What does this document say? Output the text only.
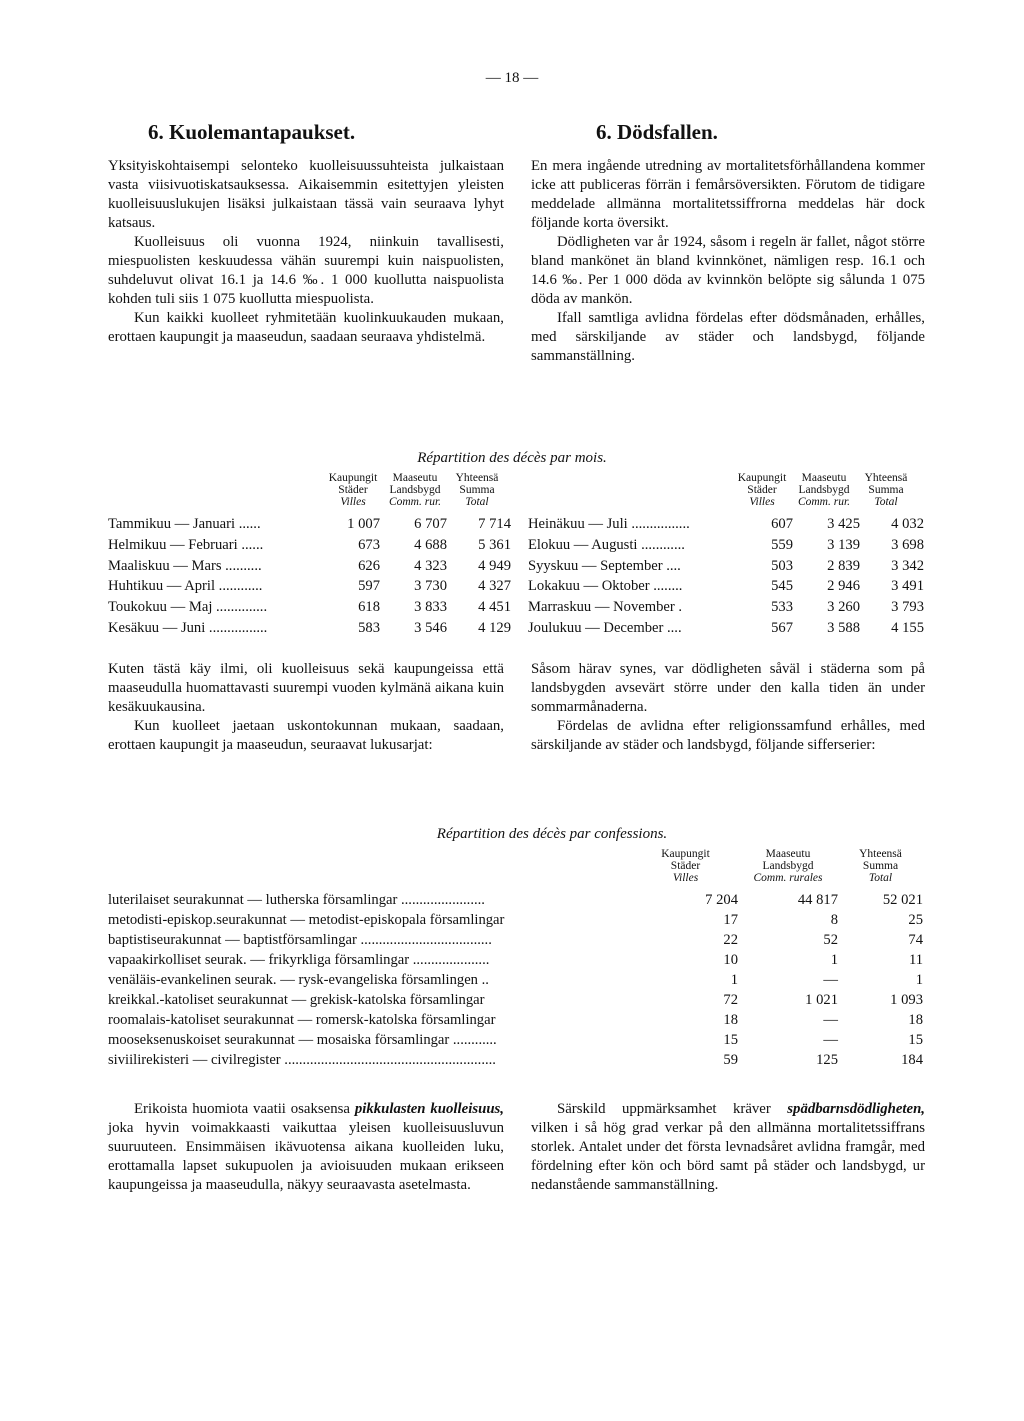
— 18 —
6. Kuolemantapaukset.	6. Dödsfallen.

Yksityiskohtaisempi selonteko kuolleisuussuhteista julkaistaan vasta viisivuotiskatsauksessa. Aikaisemmin esitettyjen yleisten kuolleisuuslukujen lisäksi julkaistaan tässä vain seuraava lyhyt katsaus.

Kuolleisuus oli vuonna 1924, niinkuin tavallisesti, miespuolisten keskuudessa vähän suurempi kuin naispuolisten, suhdeluvut olivat 16.1 ja 14.6 ‰. 1 000 kuollutta naispuolista kohden tuli siis 1 075 kuollutta miespuolista.

Kun kaikki kuolleet ryhmitetään kuolinkuukauden mukaan, erottaen kaupungit ja maaseudun, saadaan seuraava yhdistelmä.

En mera ingående utredning av mortalitetsförhållandena kommer icke att publiceras förrän i femårsöversikten. Förutom de tidigare meddelade allmänna mortalitetssiffrorna meddelas här dock följande korta översikt.

Dödligheten var år 1924, såsom i regeln är fallet, något större bland mankönet än bland kvinnkönet, nämligen resp. 16.1 och 14.6 ‰. Per 1 000 döda av kvinnkön belöpte sig sålunda 1 075 döda av mankön.

Ifall samtliga avlidna fördelas efter dödsmånaden, erhålles, med särskiljande av städer och landsbygd, följande sammanställning.

Répartition des décès par mois.
Kaupungit
Städer
Villes
Maaseutu
Landsbygd
Comm. rur.
Yhteensä
Summa
Total
Tammikuu — Januari ......	1 007	6 707	7 714
Helmikuu — Februari ......	673	4 688	5 361
Maaliskuu — Mars ..........	626	4 323	4 949
Huhtikuu — April ............	597	3 730	4 327
Toukokuu — Maj ..............	618	3 833	4 451
Kesäkuu — Juni ................	583	3 546	4 129
Kaupungit
Städer
Villes
Maaseutu
Landsbygd
Comm. rur.
Yhteensä
Summa
Total
Heinäkuu — Juli ................	607	3 425	4 032
Elokuu — Augusti ............	559	3 139	3 698
Syyskuu — September ....	503	2 839	3 342
Lokakuu — Oktober ........	545	2 946	3 491
Marraskuu — November .	533	3 260	3 793
Joulukuu — December ....	567	3 588	4 155

Kuten tästä käy ilmi, oli kuolleisuus sekä kaupungeissa että maaseudulla huomattavasti suurempi vuoden kylmänä aikana kuin kesäkuukausina.

Kun kuolleet jaetaan uskontokunnan mukaan, saadaan, erottaen kaupungit ja maaseudun, seuraavat lukusarjat:

Såsom härav synes, var dödligheten såväl i städerna som på landsbygden avsevärt större under den kalla tiden än under sommarmånaderna.

Fördelas de avlidna efter religionssamfund erhålles, med särskiljande av städer och landsbygd, följande sifferserier:

Répartition des décès par confessions.
Kaupungit
Städer
Villes
Maaseutu
Landsbygd
Comm. rurales
Yhteensä
Summa
Total
luterilaiset seurakunnat — lutherska församlingar .......................	7 204	44 817	52 021
metodisti-episkop.seurakunnat — metodist-episkopala församlingar	17	8	25
baptistiseurakunnat — baptistförsamlingar ....................................	22	52	74
vapaakirkolliset seurak. — frikyrkliga församlingar .....................	10	1	11
venäläis-evankelinen seurak. — rysk-evangeliska församlingen ..	1	—	1
kreikkal.-katoliset seurakunnat — grekisk-katolska församlingar	72	1 021	1 093
roomalais-katoliset seurakunnat — romersk-katolska församlingar	18	—	18
mooseksenuskoiset seurakunnat — mosaiska församlingar ............	15	—	15
siviilirekisteri — civilregister ..........................................................	59	125	184

Erikoista huomiota vaatii osaksensa pikkulasten kuolleisuus, joka hyvin voimakkaasti vaikuttaa yleisen kuolleisuusluvun suuruuteen. Ensimmäisen ikävuotensa aikana kuolleiden luku, erottamalla lapset sukupuolen ja avioisuuden mukaan erikseen kaupungeissa ja maaseudulla, näkyy seuraavasta asetelmasta.

Särskild uppmärksamhet kräver spädbarnsdödligheten, vilken i så hög grad verkar på den allmänna mortalitetssiffrans storlek. Antalet under det första levnadsåret avlidna framgår, med fördelning efter kön och börd samt på städer och landsbygd, ur nedanstående sammanställning.
